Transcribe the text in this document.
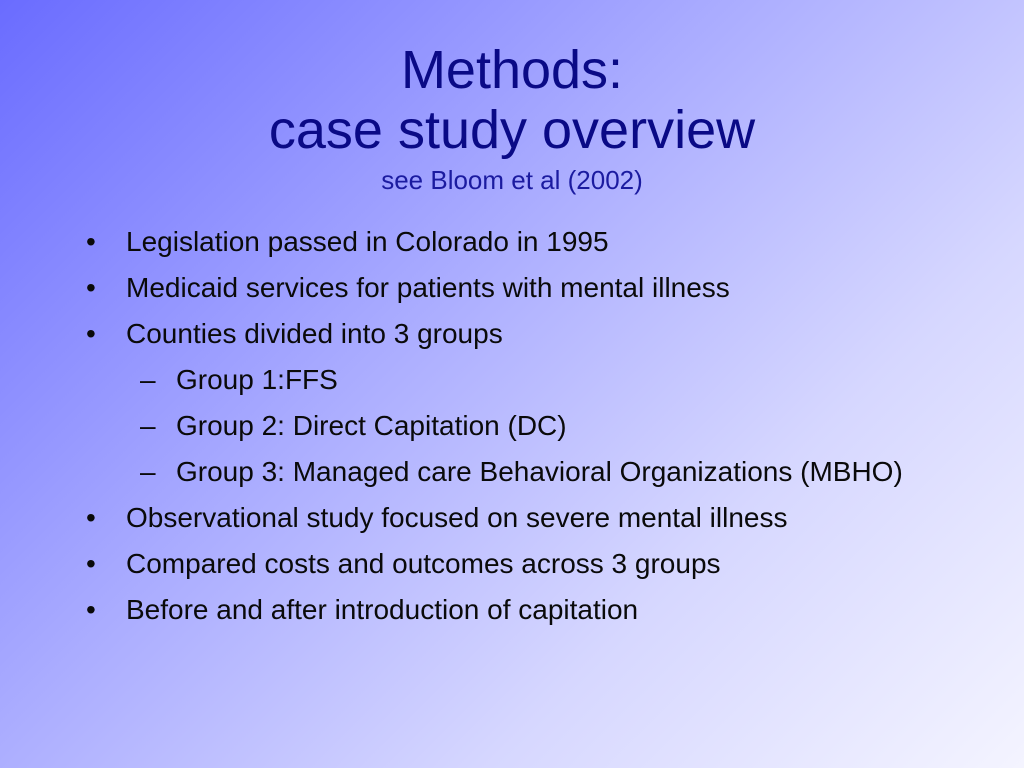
Methods:
case study overview
see Bloom et al (2002)
•	Legislation passed in Colorado in 1995
•	Medicaid services for patients with mental illness
•	Counties divided into 3 groups
– Group 1:FFS
– Group 2: Direct Capitation (DC)
– Group 3: Managed care Behavioral Organizations (MBHO)
•	Observational study focused on severe mental illness
•	Compared costs and outcomes across 3 groups
•	Before and after introduction of capitation
